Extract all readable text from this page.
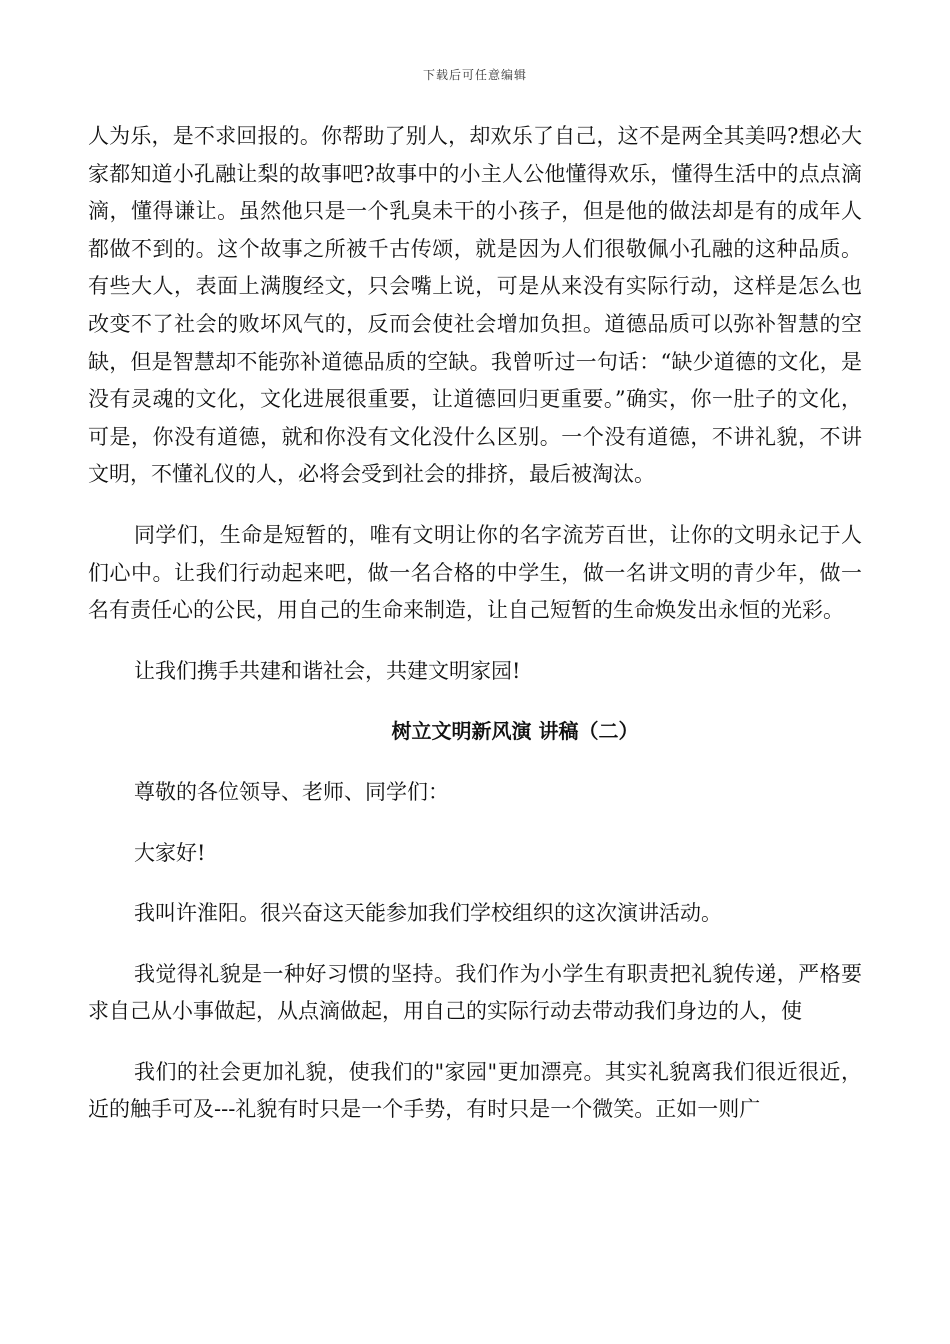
下载后可任意编辑

人为乐，是不求回报的。你帮助了别人，却欢乐了自己，这不是两全其美吗?想必大家都知道小孔融让梨的故事吧?故事中的小主人公他懂得欢乐，懂得生活中的点点滴滴，懂得谦让。虽然他只是一个乳臭未干的小孩子，但是他的做法却是有的成年人都做不到的。这个故事之所被千古传颂，就是因为人们很敬佩小孔融的这种品质。有些大人，表面上满腹经文，只会嘴上说，可是从来没有实际行动，这样是怎么也改变不了社会的败坏风气的，反而会使社会增加负担。道德品质可以弥补智慧的空缺，但是智慧却不能弥补道德品质的空缺。我曾听过一句话：“缺少道德的文化，是没有灵魂的文化，文化进展很重要，让道德回归更重要。”确实，你一肚子的文化，可是，你没有道德，就和你没有文化没什么区别。一个没有道德，不讲礼貌，不讲文明，不懂礼仪的人，必将会受到社会的排挤，最后被淘汰。

同学们，生命是短暂的，唯有文明让你的名字流芳百世，让你的文明永记于人们心中。让我们行动起来吧，做一名合格的中学生，做一名讲文明的青少年，做一名有责任心的公民，用自己的生命来制造，让自己短暂的生命焕发出永恒的光彩。

让我们携手共建和谐社会，共建文明家园!

树立文明新风演 讲稿（二）

尊敬的各位领导、老师、同学们：

大家好!

我叫许淮阳。很兴奋这天能参加我们学校组织的这次演讲活动。

我觉得礼貌是一种好习惯的坚持。我们作为小学生有职责把礼貌传递，严格要求自己从小事做起，从点滴做起，用自己的实际行动去带动我们身边的人，使

我们的社会更加礼貌，使我们的"家园"更加漂亮。其实礼貌离我们很近很近，近的触手可及---礼貌有时只是一个手势，有时只是一个微笑。正如一则广
